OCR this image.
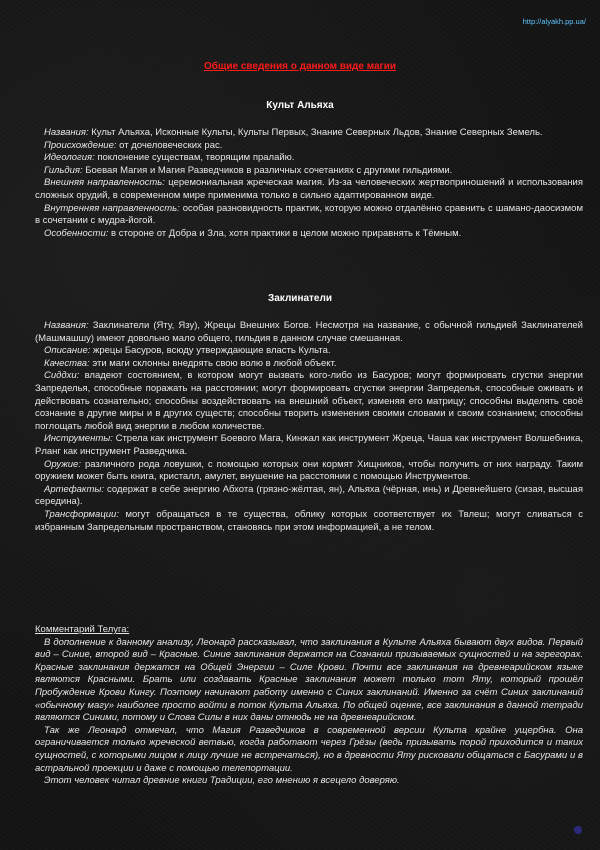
http://alyakh.pp.ua/
Общие сведения о данном виде магии
Культ Альяха

Названия: Культ Альяха, Исконные Культы, Культы Первых, Знание Северных Льдов, Знание Северных Земель.

Происхождение: от дочеловеческих рас.

Идеология: поклонение существам, творящим пралайю.

Гильдия: Боевая Магия и Магия Разведчиков в различных сочетаниях с другими гильдиями.

Внешняя направленность: церемониальная жреческая магия. Из-за человеческих жертвоприношений и использования сложных орудий, в современном мире применима только в сильно адаптированном виде.

Внутренняя направленность: особая разновидность практик, которую можно отдалённо сравнить с шамано-даосизмом в сочетании с мудра-йогой.

Особенности: в стороне от Добра и Зла, хотя практики в целом можно приравнять к Тёмным.

Заклинатели

Названия: Заклинатели (Яту, Язу), Жрецы Внешних Богов. Несмотря на название, с обычной гильдией Заклинателей (Машмашшу) имеют довольно мало общего, гильдия в данном случае смешанная.

Описание: жрецы Басуров, всюду утверждающие власть Культа.

Качества: эти маги склонны внедрять свою волю в любой объект.

Сиддхи: владеют состоянием, в котором могут вызвать кого-либо из Басуров; могут формировать сгустки энергии Запределья, способные поражать на расстоянии; могут формировать сгустки энергии Запределья, способные оживать и действовать сознательно; способны воздействовать на внешний объект, изменяя его матрицу; способны выделять своё сознание в другие миры и в других существ; способны творить изменения своими словами и своим сознанием; способны поглощать любой вид энергии в любом количестве.

Инструменты: Стрела как инструмент Боевого Мага, Кинжал как инструмент Жреца, Чаша как инструмент Волшебника, Рланг как инструмент Разведчика.

Оружие: различного рода ловушки, с помощью которых они кормят Хищников, чтобы получить от них награду. Таким оружием может быть книга, кристалл, амулет, внушение на расстоянии с помощью Инструментов.

Артефакты: содержат в себе энергию Абхота (грязно-жёлтая, ян), Альяха (чёрная, инь) и Древнейшего (сизая, высшая середина).

Трансформации: могут обращаться в те существа, облику которых соответствует их Твлеш; могут сливаться с избранным Запредельным пространством, становясь при этом информацией, а не телом.

Комментарий Телуга:

В дополнение к данному анализу, Леонард рассказывал, что заклинания в Культе Альяха бывают двух видов. Первый вид – Синие, второй вид – Красные. Синие заклинания держатся на Сознании призываемых сущностей и на эгрегорах. Красные заклинания держатся на Общей Энергии – Силе Крови. Почти все заклинания на древнеарийском языке являются Красными. Брать или создавать Красные заклинания может только тот Яту, который прошёл Пробуждение Крови Кингу. Поэтому начинают работу именно с Синих заклинаний. Именно за счёт Синих заклинаний «обычному магу» наиболее просто войти в поток Культа Альяха. По общей оценке, все заклинания в данной тетради являются Синими, потому и Слова Силы в них даны отнюдь не на древнеарийском.

Так же Леонард отмечал, что Магия Разведчиков в современной версии Культа крайне ущербна. Она ограничивается только жреческой ветвью, когда работают через Грёзы (ведь призывать порой приходится и таких сущностей, с которыми лицом к лицу лучше не встречаться), но в древности Яту рисковали общаться с Басурами и в астральной проекции и даже с помощью телепортации.

Этот человек читал древние книги Традиции, его мнению я всецело доверяю.
